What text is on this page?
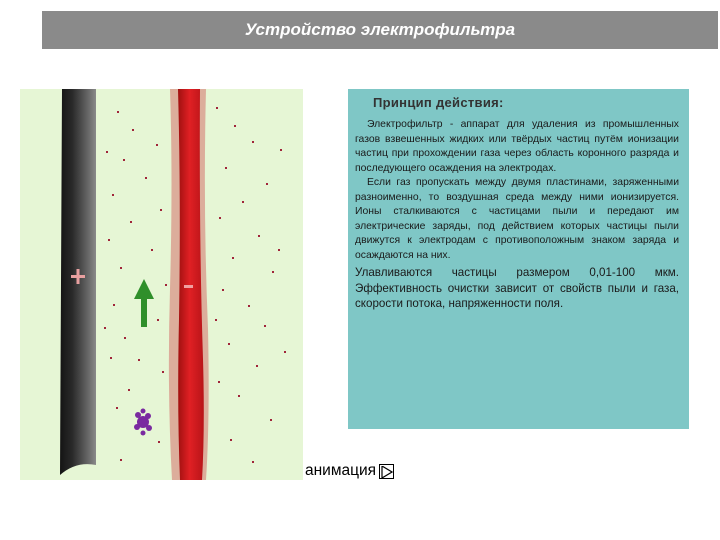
Устройство электрофильтра
Принцип действия:

Электрофильтр - аппарат для удаления из промышленных газов взвешенных жидких или твёрдых частиц путём ионизации частиц при прохождении газа через область коронного разряда и последующего осаждения на электродах.

Если газ пропускать между двумя пластинами, заряженными разноименно, то воздушная среда между ними ионизируется. Ионы сталкиваются с частицами пыли и передают им электрические заряды, под действием которых частицы пыли движутся к электродам с противоположным знаком заряда и осаждаются на них.

Улавливаются частицы размером 0,01-100 мкм. Эффективность очистки зависит от свойств пыли и газа, скорости потока, напряженности поля.

анимация
